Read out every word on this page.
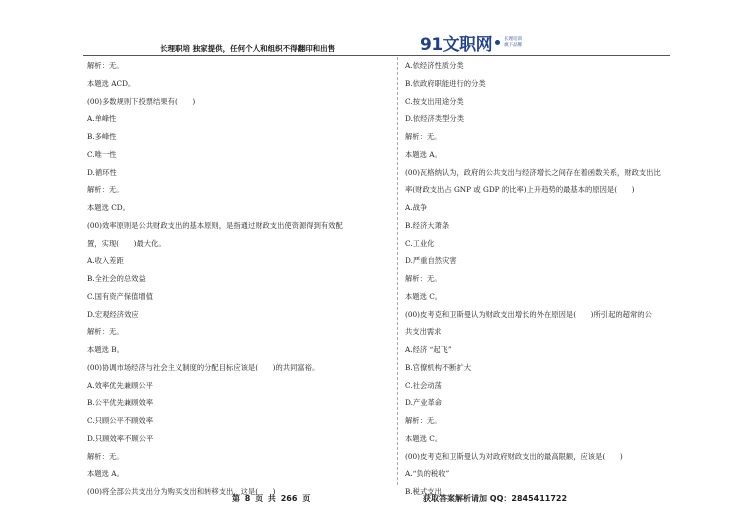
长理职培 独家提供，任何个人和组织不得翻印和出售	91文职网	长理培训
旗下品牌
解析：无。
本题选 ACD。
(00)多数规则下投票结果有(　　)
A.单峰性
B.多峰性
C.唯一性
D.循环性
解析：无。
本题选 CD。
(00)效率原则是公共财政支出的基本原则，是指通过财政支出使资源得到有效配
置，实现(　　)最大化。
A.收入差距
B.全社会的总效益
C.国有资产保值增值
D.宏观经济效应
解析：无。
本题选 B。
(00)协调市场经济与社会主义制度的分配目标应该是(　　)的共同富裕。
A.效率优先兼顾公平
B.公平优先兼顾效率
C.只顾公平不顾效率
D.只顾效率不顾公平
解析：无。
本题选 A。
(00)将全部公共支出分为购买支出和转移支出，这是(　　)
A.依经济性质分类
B.依政府职能进行的分类
C.按支出用途分类
D.依经济类型分类
解析：无。
本题选 A。
(00)瓦格纳认为，政府的公共支出与经济增长之间存在着函数关系，财政支出比
率(财政支出占 GNP 或 GDP 的比率)上升趋势的最基本的原因是(　　)
A.战争
B.经济大萧条
C.工业化
D.严重自然灾害
解析：无。
本题选 C。
(00)皮考克和卫斯曼认为财政支出增长的外在原因是(　　)所引起的超常的公
共支出需求
A.经济 “起飞”
B.官僚机构不断扩大
C.社会动荡
D.产业革命
解析：无。
本题选 C。
(00)皮考克和卫斯曼认为对政府财政支出的最高限额，应该是(　　)
A.“负的税收”
B.税式支出
第 8 页 共 266 页	获取答案解析请加 QQ：2845411722
